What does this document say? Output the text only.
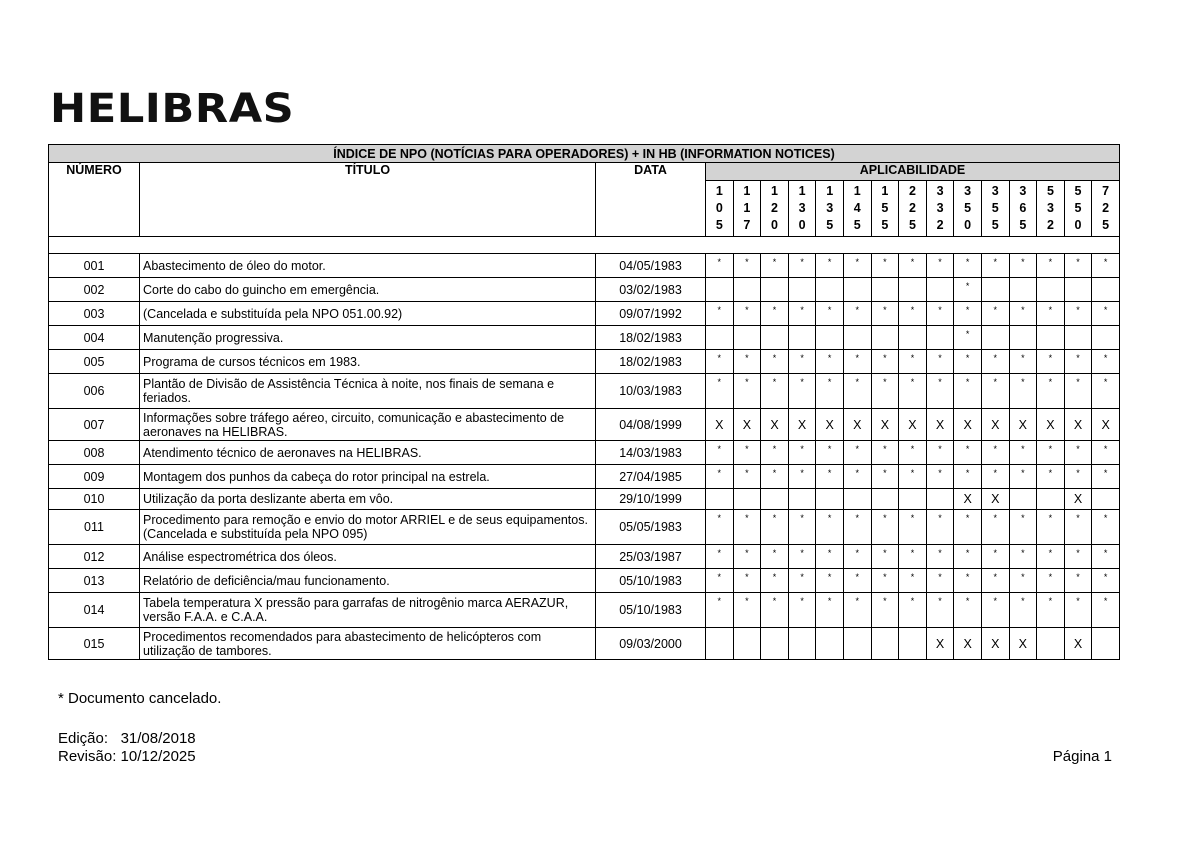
HELIBRAS
ÍNDICE DE NPO (NOTÍCIAS PARA OPERADORES) + IN HB (INFORMATION NOTICES)																	
NÚMERO	TÍTULO	DATA	APLICABILIDADE														
			105	117	120	130	135	145	155	225	332	350	355	365	532	550	725

001	Abastecimento de óleo do motor.	04/05/1983	*	*	*	*	*	*	*	*	*	*	*	*	*	*	*
002	Corte do cabo do guincho em emergência.	03/02/1983										*					
003	(Cancelada e substituída pela NPO 051.00.92)	09/07/1992	*	*	*	*	*	*	*	*	*	*	*	*	*	*	*
004	Manutenção progressiva.	18/02/1983										*					
005	Programa de cursos técnicos em 1983.	18/02/1983	*	*	*	*	*	*	*	*	*	*	*	*	*	*	*
006	Plantão de Divisão de Assistência Técnica à noite, nos finais de semana e feriados.	10/03/1983	*	*	*	*	*	*	*	*	*	*	*	*	*	*	*
007	Informações sobre tráfego aéreo, circuito, comunicação e abastecimento de aeronaves na HELIBRAS.	04/08/1999	X	X	X	X	X	X	X	X	X	X	X	X	X	X	X
008	Atendimento técnico de aeronaves na HELIBRAS.	14/03/1983	*	*	*	*	*	*	*	*	*	*	*	*	*	*	*
009	Montagem dos punhos da cabeça do rotor principal na estrela.	27/04/1985	*	*	*	*	*	*	*	*	*	*	*	*	*	*	*
010	Utilização da porta deslizante aberta em vôo.	29/10/1999										X	X			X	
011	Procedimento para remoção e envio do motor ARRIEL e de seus equipamentos. (Cancelada e substituída pela NPO 095)	05/05/1983	*	*	*	*	*	*	*	*	*	*	*	*	*	*	*
012	Análise espectrométrica dos óleos.	25/03/1987	*	*	*	*	*	*	*	*	*	*	*	*	*	*	*
013	Relatório de deficiência/mau funcionamento.	05/10/1983	*	*	*	*	*	*	*	*	*	*	*	*	*	*	*
014	Tabela temperatura X pressão para garrafas de nitrogênio marca AERAZUR, versão F.A.A. e C.A.A.	05/10/1983	*	*	*	*	*	*	*	*	*	*	*	*	*	*	*
015	Procedimentos recomendados para abastecimento de helicópteros com utilização de tambores.	09/03/2000									X	X	X	X		X	
* Documento cancelado.
Edição: 31/08/2018
Revisão: 10/12/2025	Página 1
